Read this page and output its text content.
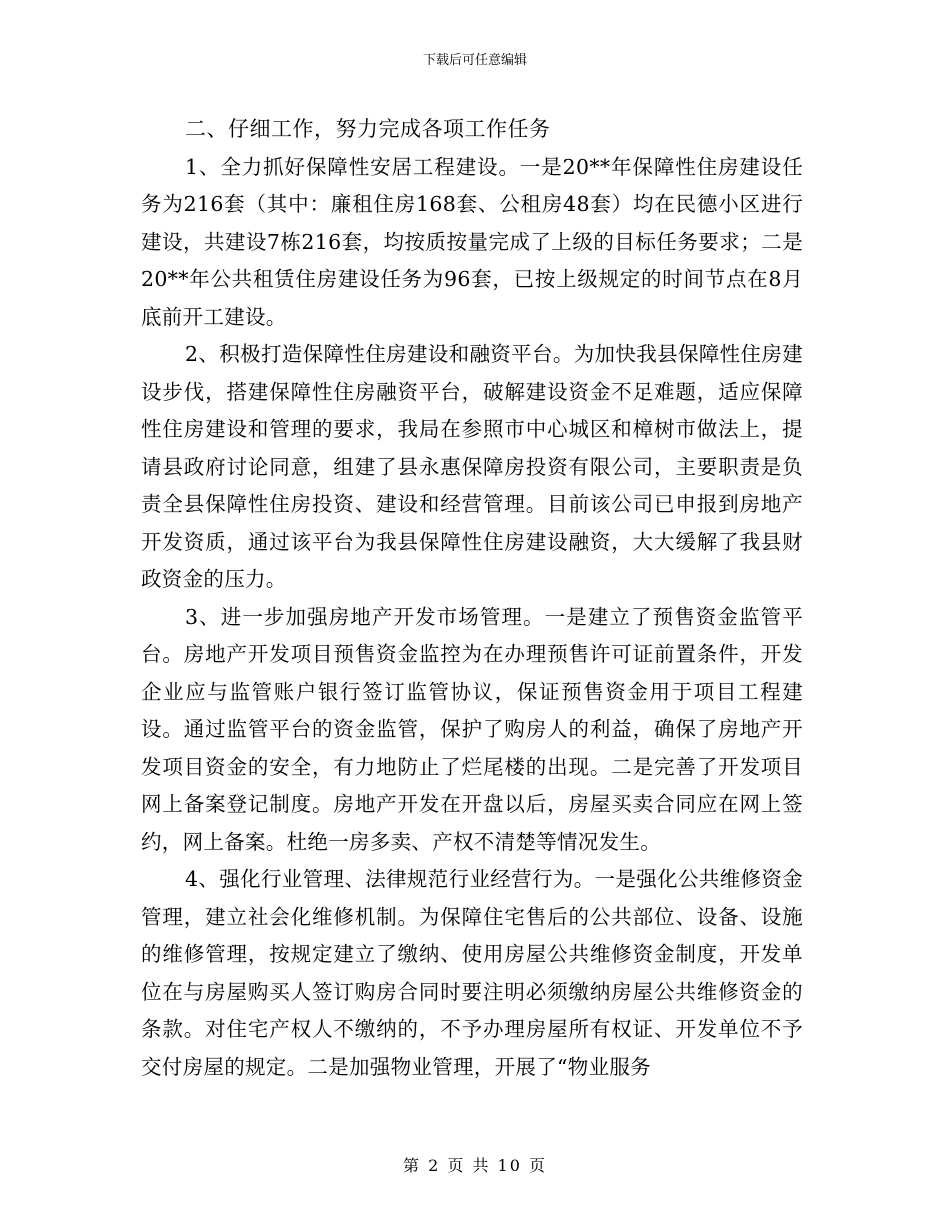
下载后可任意编辑

二、仔细工作，努力完成各项工作任务

1、全力抓好保障性安居工程建设。一是20**年保障性住房建设任务为216套（其中：廉租住房168套、公租房48套）均在民德小区进行建设，共建设7栋216套，均按质按量完成了上级的目标任务要求；二是20**年公共租赁住房建设任务为96套，已按上级规定的时间节点在8月底前开工建设。

2、积极打造保障性住房建设和融资平台。为加快我县保障性住房建设步伐，搭建保障性住房融资平台，破解建设资金不足难题，适应保障性住房建设和管理的要求，我局在参照市中心城区和樟树市做法上，提请县政府讨论同意，组建了县永惠保障房投资有限公司，主要职责是负责全县保障性住房投资、建设和经营管理。目前该公司已申报到房地产开发资质，通过该平台为我县保障性住房建设融资，大大缓解了我县财政资金的压力。

3、进一步加强房地产开发市场管理。一是建立了预售资金监管平台。房地产开发项目预售资金监控为在办理预售许可证前置条件，开发企业应与监管账户银行签订监管协议，保证预售资金用于项目工程建设。通过监管平台的资金监管，保护了购房人的利益，确保了房地产开发项目资金的安全，有力地防止了烂尾楼的出现。二是完善了开发项目网上备案登记制度。房地产开发在开盘以后，房屋买卖合同应在网上签约，网上备案。杜绝一房多卖、产权不清楚等情况发生。

4、强化行业管理、法律规范行业经营行为。一是强化公共维修资金管理，建立社会化维修机制。为保障住宅售后的公共部位、设备、设施的维修管理，按规定建立了缴纳、使用房屋公共维修资金制度，开发单位在与房屋购买人签订购房合同时要注明必须缴纳房屋公共维修资金的条款。对住宅产权人不缴纳的，不予办理房屋所有权证、开发单位不予交付房屋的规定。二是加强物业管理，开展了“物业服务

第 2 页 共 10 页
